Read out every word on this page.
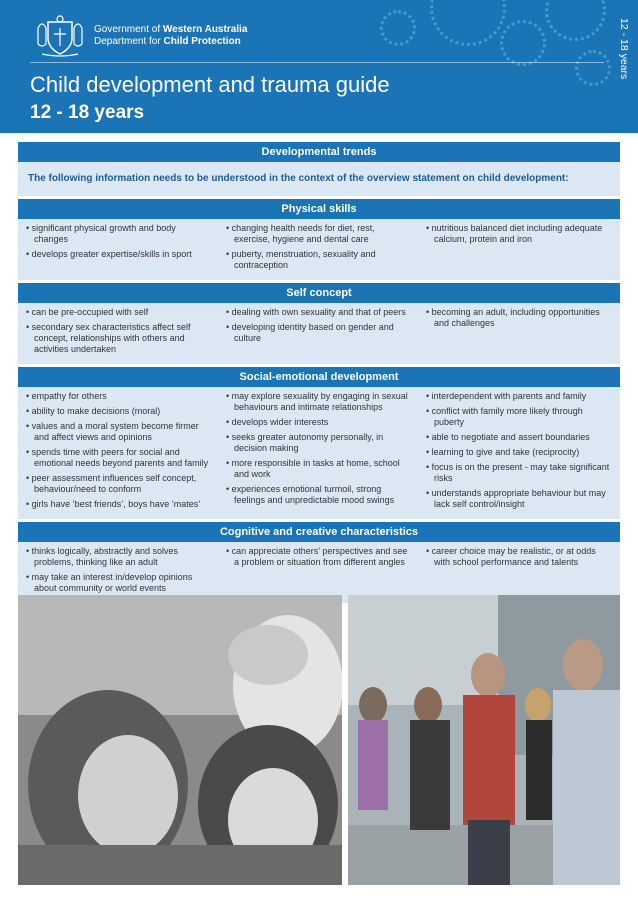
Government of Western Australia
Department for Child Protection
Child development and trauma guide
12 - 18 years
12 - 18 years
Developmental trends
The following information needs to be understood in the context of the overview statement on child development:
Physical skills
• significant physical growth and body changes
• develops greater expertise/skills in sport
• changing health needs for diet, rest, exercise, hygiene and dental care
• puberty, menstruation, sexuality and contraception
• nutritious balanced diet including adequate calcium, protein and iron
Self concept
• can be pre-occupied with self
• secondary sex characteristics affect self concept, relationships with others and activities undertaken
• dealing with own sexuality and that of peers
• developing identity based on gender and culture
• becoming an adult, including opportunities and challenges
Social-emotional development
• empathy for others
• ability to make decisions (moral)
• values and a moral system become firmer and affect views and opinions
• spends time with peers for social and emotional needs beyond parents and family
• peer assessment influences self concept, behaviour/need to conform
• girls have ‘best friends’, boys have ‘mates’
• may explore sexuality by engaging in sexual behaviours and intimate relationships
• develops wider interests
• seeks greater autonomy personally, in decision making
• more responsible in tasks at home, school and work
• experiences emotional turmoil, strong feelings and unpredictable mood swings
• interdependent with parents and family
• conflict with family more likely through puberty
• able to negotiate and assert boundaries
• learning to give and take (reciprocity)
• focus is on the present - may take significant risks
• understands appropriate behaviour but may lack self control/insight
Cognitive and creative characteristics
• thinks logically, abstractly and solves problems, thinking like an adult
• may take an interest in/develop opinions about community or world events
• can appreciate others’ perspectives and see a problem or situation from different angles
• career choice may be realistic, or at odds with school performance and talents
